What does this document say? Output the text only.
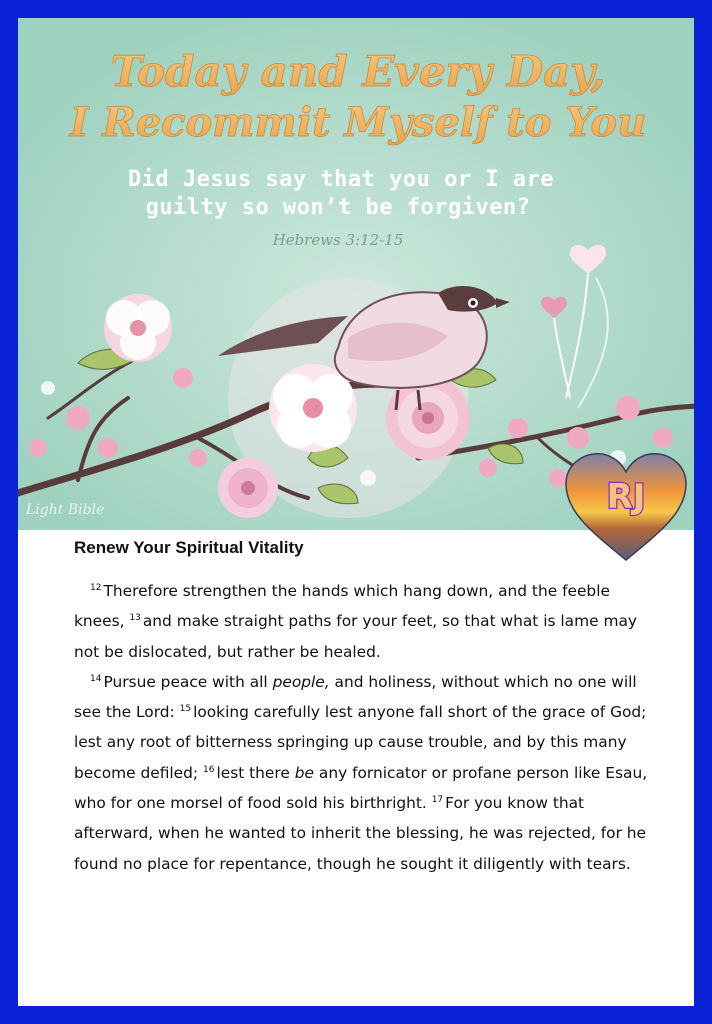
Today and Every Day,
I Recommit Myself to You
Did Jesus say that you or I are
guilty so won’t be forgiven?
Hebrews 3:12-15
Light Bible	RJ
Renew Your Spiritual Vitality

$^{12}$ Therefore strengthen the hands which hang down, and the feeble knees, $^{13}$ and make straight paths for your feet, so that what is lame may not be dislocated, but rather be healed.

$^{14}$ Pursue peace with all people, and holiness, without which no one will see the Lord: $^{15}$ looking carefully lest anyone fall short of the grace of God; lest any root of bitterness springing up cause trouble, and by this many become defiled; $^{16}$ lest there be any fornicator or profane person like Esau, who for one morsel of food sold his birthright. $^{17}$ For you know that afterward, when he wanted to inherit the blessing, he was rejected, for he found no place for repentance, though he sought it diligently with tears.
